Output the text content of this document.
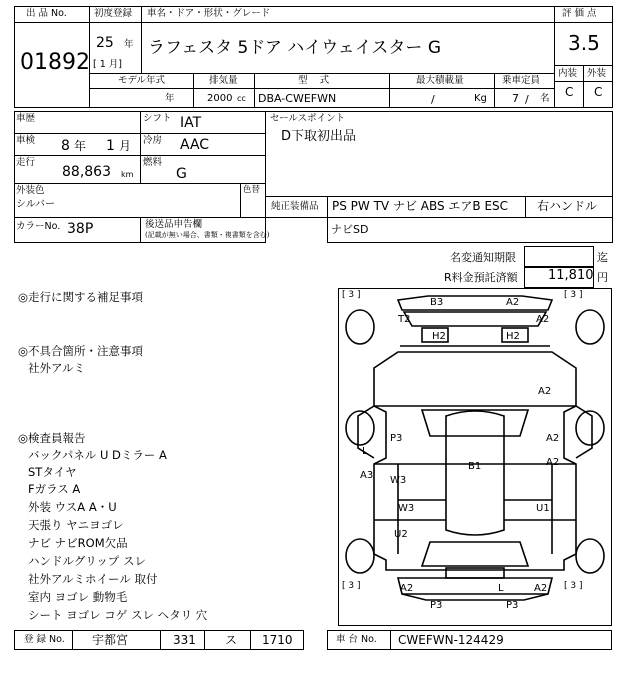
出 品 No.
01892
初度登録
25 年
[ 1 月]
車名・ドア・形状・グレード
ラフェスタ 5ドア ハイウェイスター G
評 価 点
3.5
内装 外装
C C
モデル年式
年
排気量
2000 cc
型    式
DBA-CWEFWN
最大積載量
/	Kg
乗車定員
7 / 名
車歴	シフト IAT
車検 8 年 1 月 冷房 AAC
走行
88,863 km
燃料
G
外装色
シルバー
色替
カラーNo. 38P	後送品申告欄
(記載が無い場合、書類・複書類を含む)
セールスポイント
D下取初出品
純正装備品 PS PW TV ナビ ABS エアB ESC 右ハンドル
ナビSD
名変通知期限	迄
R料金預託済額 11,810 円
◎走行に関する補足事項
◎不具合箇所・注意事項
社外アルミ
◎検査員報告
バックパネル U Dミラー A
STタイヤ
Fガラス A
外装 ウスA A・U
天張り ヤニヨゴレ
ナビ ナビROM欠品
ハンドルグリップ スレ
社外アルミホイール 取付
室内 ヨゴレ 動物毛
シート ヨゴレ コゲ スレ ヘタリ 穴
[ 3 ]	[ 3 ]
[ 3 ]	[ 3 ]
B3	A2
T2	A2
H2	H2
A2
P3	A2
L
A2
A3 W3
B1
W3	U1
U2
A2	L	A2
P3	P3
登 録 No. 宇都宮	331 ス 1710	車 台 No. CWEFWN-124429
